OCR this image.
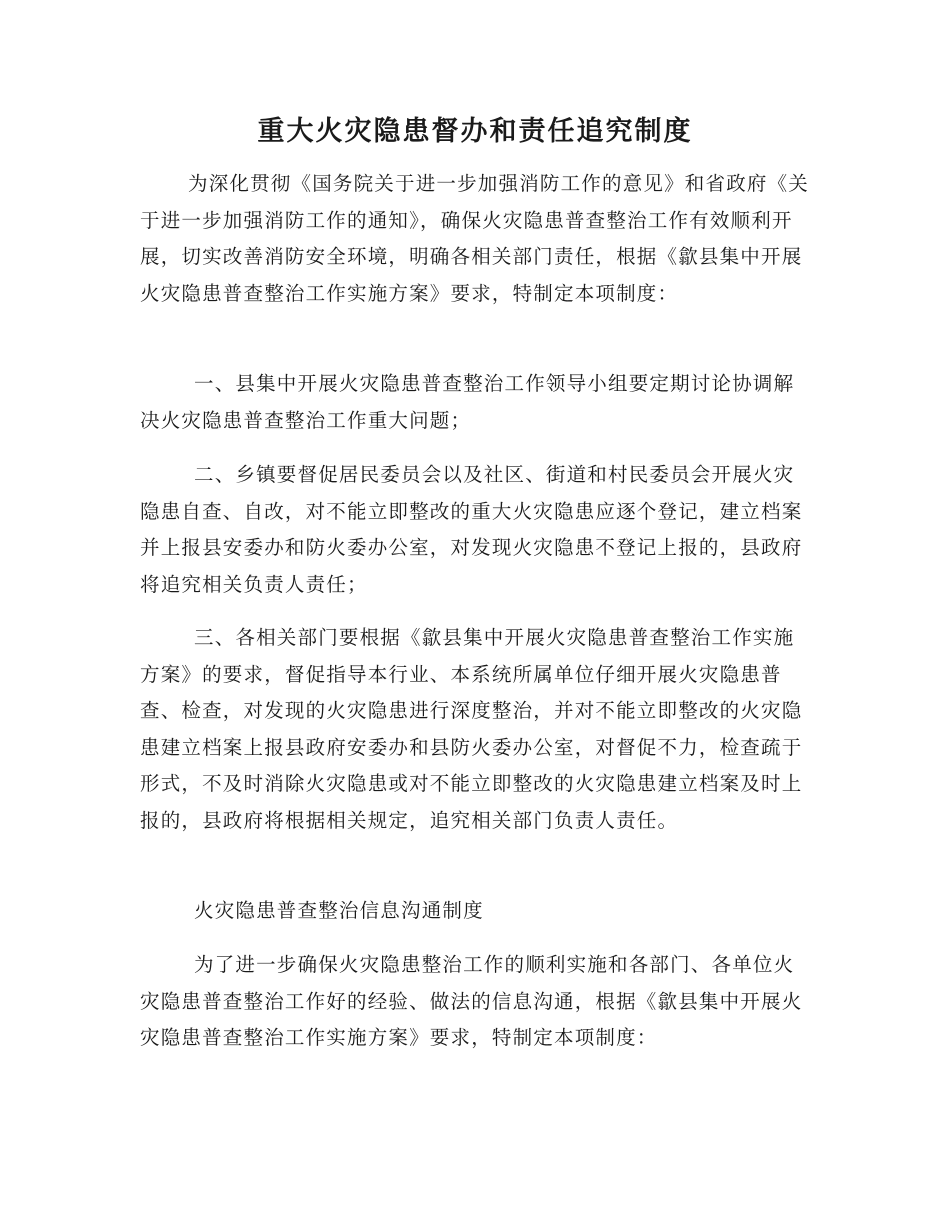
重大火灾隐患督办和责任追究制度

为深化贯彻《国务院关于进一步加强消防工作的意见》和省政府《关于进一步加强消防工作的通知》，确保火灾隐患普查整治工作有效顺利开展，切实改善消防安全环境，明确各相关部门责任，根据《歙县集中开展火灾隐患普查整治工作实施方案》要求，特制定本项制度：

一、县集中开展火灾隐患普查整治工作领导小组要定期讨论协调解决火灾隐患普查整治工作重大问题；

二、乡镇要督促居民委员会以及社区、街道和村民委员会开展火灾隐患自查、自改，对不能立即整改的重大火灾隐患应逐个登记，建立档案并上报县安委办和防火委办公室，对发现火灾隐患不登记上报的，县政府将追究相关负责人责任；

三、各相关部门要根据《歙县集中开展火灾隐患普查整治工作实施方案》的要求，督促指导本行业、本系统所属单位仔细开展火灾隐患普查、检查，对发现的火灾隐患进行深度整治，并对不能立即整改的火灾隐患建立档案上报县政府安委办和县防火委办公室，对督促不力，检查疏于形式，不及时消除火灾隐患或对不能立即整改的火灾隐患建立档案及时上报的，县政府将根据相关规定，追究相关部门负责人责任。

火灾隐患普查整治信息沟通制度

为了进一步确保火灾隐患整治工作的顺利实施和各部门、各单位火灾隐患普查整治工作好的经验、做法的信息沟通，根据《歙县集中开展火灾隐患普查整治工作实施方案》要求，特制定本项制度：
